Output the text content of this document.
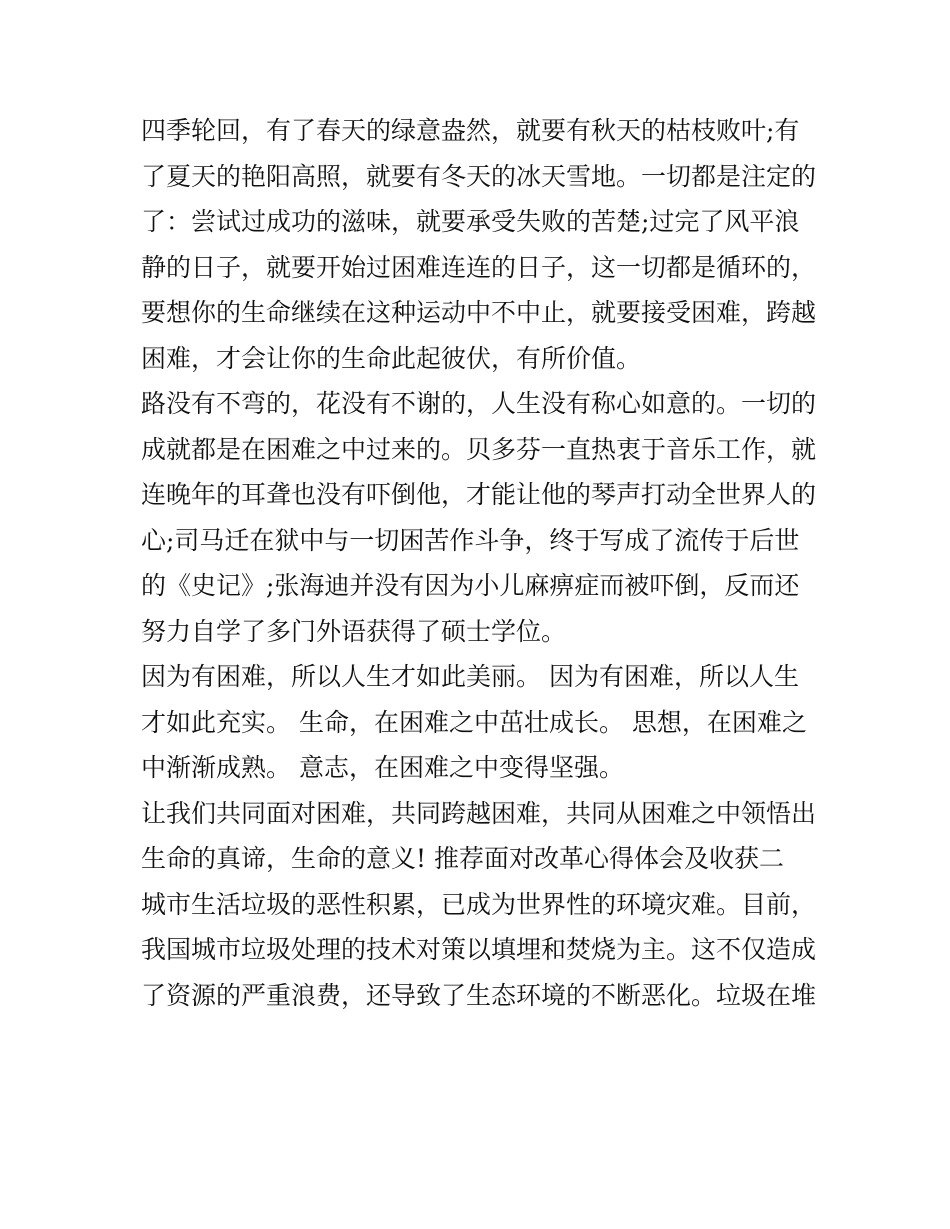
四季轮回，有了春天的绿意盎然，就要有秋天的枯枝败叶;有
了夏天的艳阳高照，就要有冬天的冰天雪地。一切都是注定的
了：尝试过成功的滋味，就要承受失败的苦楚;过完了风平浪
静的日子，就要开始过困难连连的日子，这一切都是循环的，
要想你的生命继续在这种运动中不中止，就要接受困难，跨越
困难，才会让你的生命此起彼伏，有所价值。
路没有不弯的，花没有不谢的，人生没有称心如意的。一切的
成就都是在困难之中过来的。贝多芬一直热衷于音乐工作，就
连晚年的耳聋也没有吓倒他，才能让他的琴声打动全世界人的
心;司马迁在狱中与一切困苦作斗争，终于写成了流传于后世
的《史记》;张海迪并没有因为小儿麻痹症而被吓倒，反而还
努力自学了多门外语获得了硕士学位。
因为有困难，所以人生才如此美丽。 因为有困难，所以人生
才如此充实。 生命，在困难之中茁壮成长。 思想，在困难之
中渐渐成熟。 意志，在困难之中变得坚强。
让我们共同面对困难，共同跨越困难，共同从困难之中领悟出
生命的真谛，生命的意义! 推荐面对改革心得体会及收获二
城市生活垃圾的恶性积累，已成为世界性的环境灾难。目前，
我国城市垃圾处理的技术对策以填埋和焚烧为主。这不仅造成
了资源的严重浪费，还导致了生态环境的不断恶化。垃圾在堆
